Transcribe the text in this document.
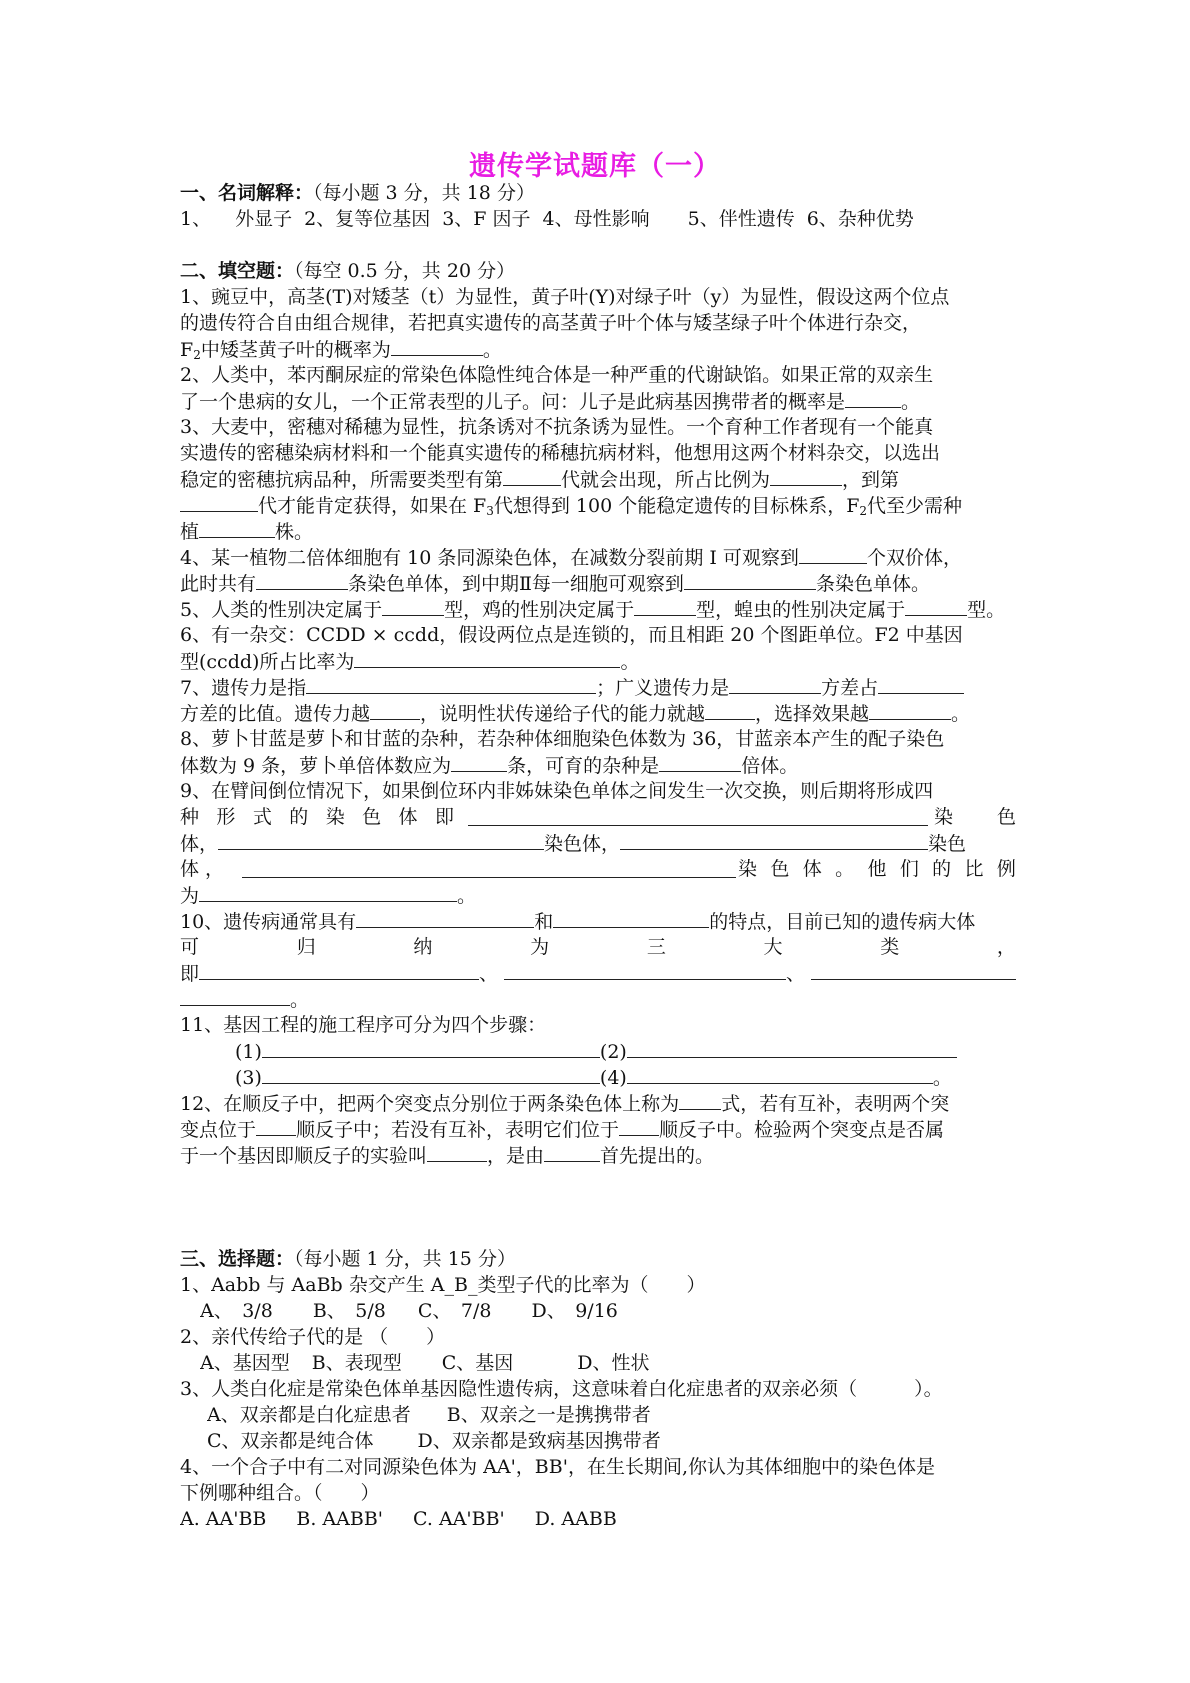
遗传学试题库（一）
一、名词解释：（每小题 3 分，共 18 分）
1、 外显子 2、复等位基因 3、F 因子 4、母性影响 5、伴性遗传 6、杂种优势
二、填空题：（每空 0.5 分，共 20 分）
1、豌豆中，高茎(T)对矮茎（t）为显性，黄子叶(Y)对绿子叶（y）为显性，假设这两个位点
的遗传符合自由组合规律，若把真实遗传的高茎黄子叶个体与矮茎绿子叶个体进行杂交，
$F_2$中矮茎黄子叶的概率为	。
2、人类中，苯丙酮尿症的常染色体隐性纯合体是一种严重的代谢缺馅。如果正常的双亲生
了一个患病的女儿，一个正常表型的儿子。问：儿子是此病基因携带者的概率是	。
3、大麦中，密穗对稀穗为显性，抗条诱对不抗条诱为显性。一个育种工作者现有一个能真
实遗传的密穗染病材料和一个能真实遗传的稀穗抗病材料，他想用这两个材料杂交，以选出
稳定的密穗抗病品种，所需要类型有第	代就会出现，所占比例为	，到第
代才能肯定获得，如果在 $F_3$代想得到 100 个能稳定遗传的目标株系，$F_2$代至少需种
植	株。
4、某一植物二倍体细胞有 10 条同源染色体，在减数分裂前期 I 可观察到	个双价体，
此时共有	条染色单体，到中期Ⅱ每一细胞可观察到	条染色单体。
5、人类的性别决定属于	型，鸡的性别决定属于	型，蝗虫的性别决定属于	型。
6、有一杂交：CCDD × ccdd，假设两位点是连锁的，而且相距 20 个图距单位。F2 中基因
型(ccdd)所占比率为	。
7、遗传力是指	；广义遗传力是	方差占
方差的比值。遗传力越	，说明性状传递给子代的能力就越	，选择效果越	。
8、萝卜甘蓝是萝卜和甘蓝的杂种，若杂种体细胞染色体数为 36，甘蓝亲本产生的配子染色
体数为 9 条，萝卜单倍体数应为	条，可育的杂种是	倍体。
9、在臂间倒位情况下，如果倒位环内非姊妹染色单体之间发生一次交换，则后期将形成四
种 形 式 的 染 色 体 即	染 色
体，	染色体，	染色
体，	染 色 体 。 他 们 的 比 例
为	。
10、遗传病通常具有	和	的特点，目前已知的遗传病大体
可	归	纳	为	三	大	类	，
即	、	、
。
11、基因工程的施工程序可分为四个步骤：
(1)	(2)
(3)	(4)	。
12、在顺反子中，把两个突变点分别位于两条染色体上称为 式，若有互补，表明两个突
变点位于 顺反子中；若没有互补，表明它们位于 顺反子中。检验两个突变点是否属
于一个基因即顺反子的实验叫	，是由	首先提出的。
三、选择题：（每小题 1 分，共 15 分）
1、Aabb 与 AaBb 杂交产生 A_B_类型子代的比率为（　　）
A、　3/8 B、　5/8 C、　7/8 D、　9/16
2、亲代传给子代的是 （　　）
A、基因型 B、表现型 C、基因	D、性状
3、人类白化症是常染色体单基因隐性遗传病，这意味着白化症患者的双亲必须（　　　）。
A、双亲都是白化症患者 B、双亲之一是携携带者
C、双亲都是纯合体 D、双亲都是致病基因携带者
4、一个合子中有二对同源染色体为 AA'，BB'，在生长期间,你认为其体细胞中的染色体是
下例哪种组合。（　　）
A. AA'BB B. AABB' C. AA'BB' D. AABB
